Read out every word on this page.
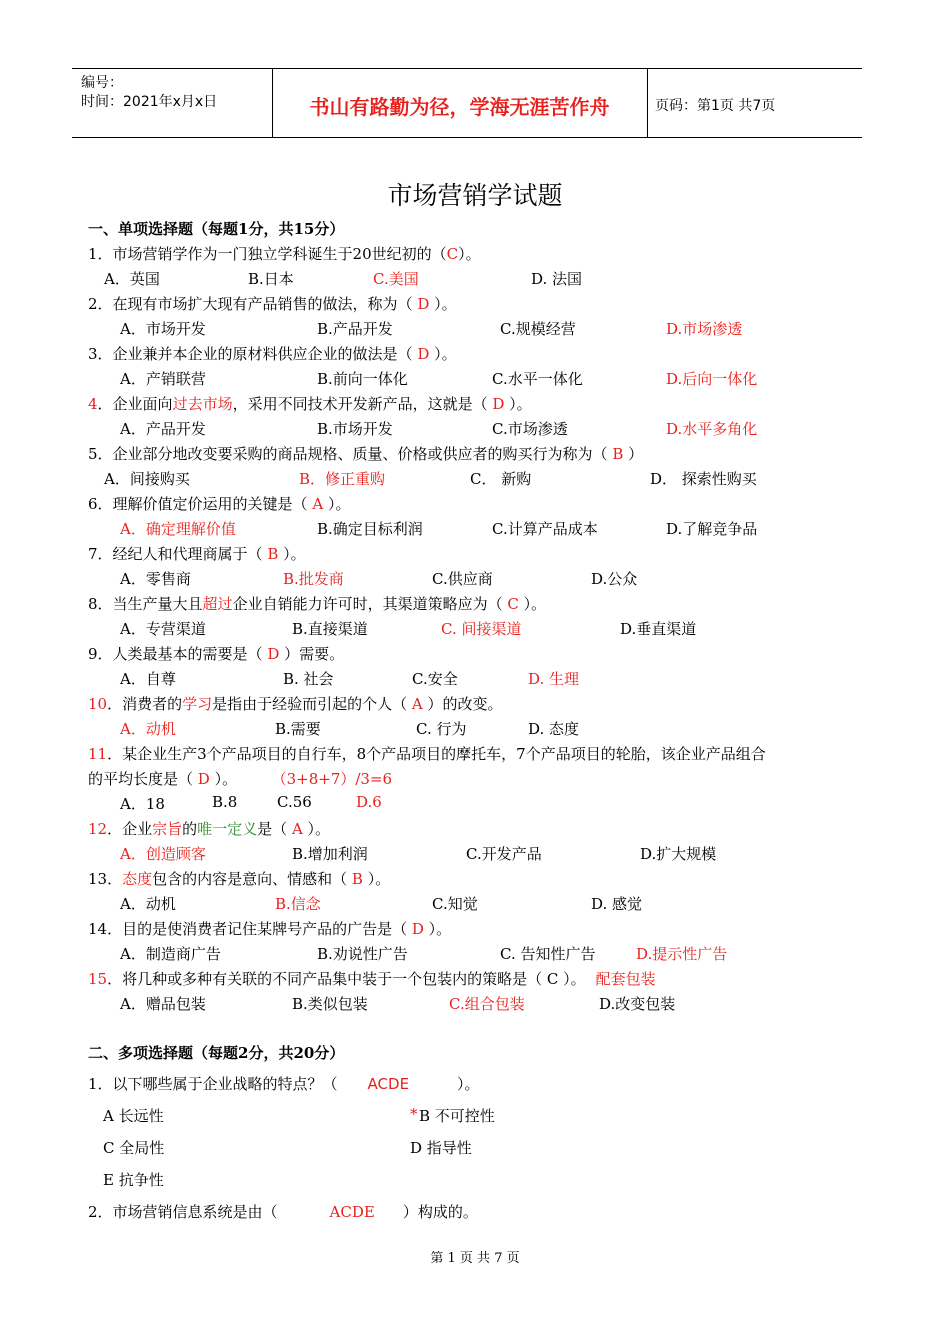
编号：
时间：2021年x月x日	书山有路勤为径，学海无涯苦作舟	页码：第1页 共7页
市场营销学试题
一、单项选择题（每题1分，共15分）
1．市场营销学作为一门独立学科诞生于20世纪初的（C）。
A．英国	B.日本	C.美国	D. 法国
2．在现有市场扩大现有产品销售的做法，称为（ D ）。
A．市场开发	B.产品开发	C.规模经营	D.市场渗透
3．企业兼并本企业的原材料供应企业的做法是（ D ）。
A．产销联营	B.前向一体化	C.水平一体化	D.后向一体化
4．企业面向过去市场，采用不同技术开发新产品，这就是（ D ）。
A．产品开发	B.市场开发	C.市场渗透	D.水平多角化
5．企业部分地改变要采购的商品规格、质量、价格或供应者的购买行为称为（ B ）
A．间接购买	B．修正重购	C． 新购	D． 探索性购买
6．理解价值定价运用的关键是（ A ）。
A．确定理解价值	B.确定目标利润	C.计算产品成本	D.了解竞争品
7．经纪人和代理商属于（ B ）。
A．零售商	B.批发商	C.供应商	D.公众
8．当生产量大且超过企业自销能力许可时，其渠道策略应为（ C ）。
A．专营渠道	B.直接渠道	C. 间接渠道	D.垂直渠道
9．人类最基本的需要是（ D ）需要。
A．自尊	B. 社会	C.安全	D. 生理
10．消费者的学习是指由于经验而引起的个人（ A ）的改变。
A．动机	B.需要	C. 行为	D. 态度
11．某企业生产3个产品项目的自行车，8个产品项目的摩托车，7个产品项目的轮胎，该企业产品组合
的平均长度是（ D ）。	（3+8+7）/3=6
A．18	B.8	C.56	D.6
12．企业宗旨的唯一定义是（ A ）。
A．创造顾客	B.增加利润	C.开发产品	D.扩大规模
13．态度包含的内容是意向、情感和（ B ）。
A．动机	B.信念	C.知觉	D. 感觉
14．目的是使消费者记住某牌号产品的广告是（ D ）。
A．制造商广告	B.劝说性广告	C. 告知性广告	D.提示性广告
15．将几种或多种有关联的不同产品集中装于一个包装内的策略是（ C ）。 配套包装
A．赠品包装	B.类似包装	C.组合包装	D.改变包装
二、多项选择题（每题2分，共20分）
1．以下哪些属于企业战略的特点？（ ACDE	）。
A 长远性	* B 不可控性
C 全局性	D 指导性
E 抗争性
2．市场营销信息系统是由（	ACDE ）构成的。
第 1 页 共 7 页
